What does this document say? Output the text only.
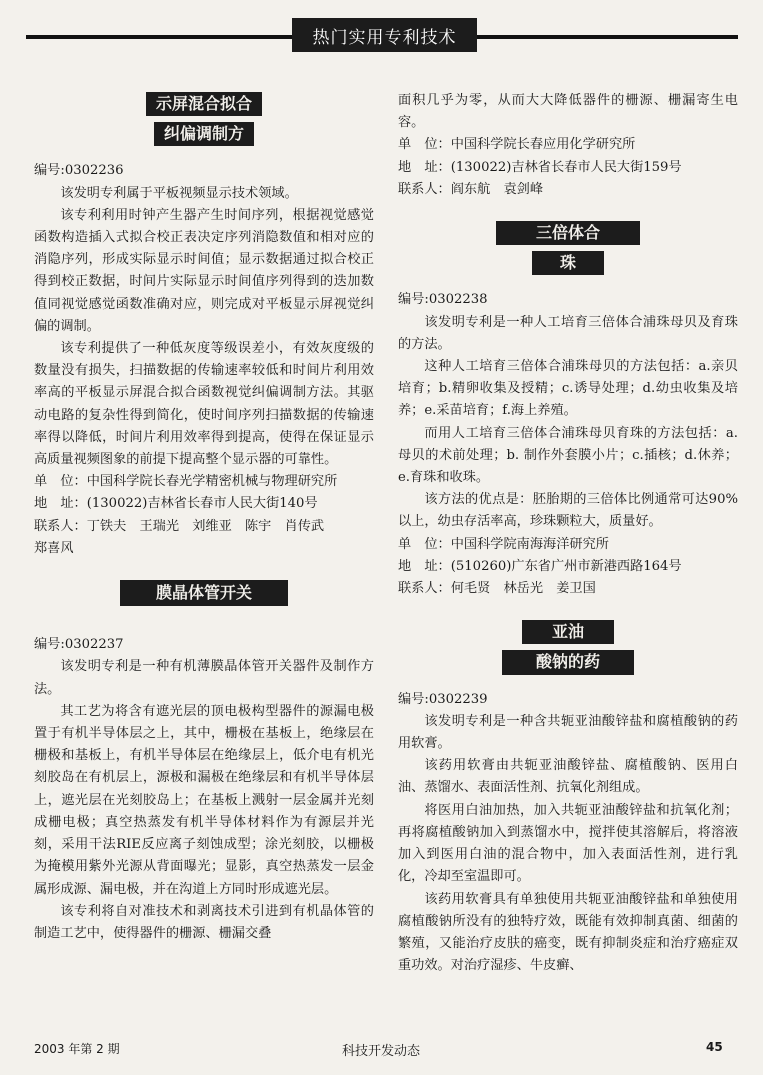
热门实用专利技术
示屏混合拟合
纠偏调制方
编号:0302236

该发明专利属于平板视频显示技术领域。

该专利利用时钟产生器产生时间序列，根据视觉感觉函数构造插入式拟合校正表决定序列消隐数值和相对应的消隐序列，形成实际显示时间值；显示数据通过拟合校正得到校正数据，时间片实际显示时间值序列得到的迭加数值同视觉感觉函数准确对应，则完成对平板显示屏视觉纠偏的调制。

该专利提供了一种低灰度等级误差小，有效灰度级的数量没有损失，扫描数据的传输速率较低和时间片利用效率高的平板显示屏混合拟合函数视觉纠偏调制方法。其驱动电路的复杂性得到简化，使时间序列扫描数据的传输速率得以降低，时间片利用效率得到提高，使得在保证显示高质量视频图象的前提下提高整个显示器的可靠性。

单　位：中国科学院长春光学精密机械与物理研究所
地　址：(130022)吉林省长春市人民大街140号
联系人：丁铁夫　王瑞光　刘维亚　陈宇　肖传武
郑喜风
膜晶体管开关
编号:0302237

该发明专利是一种有机薄膜晶体管开关器件及制作方法。

其工艺为将含有遮光层的顶电极构型器件的源漏电极置于有机半导体层之上，其中，栅极在基板上，绝缘层在栅极和基板上，有机半导体层在绝缘层上，低介电有机光刻胶岛在有机层上，源极和漏极在绝缘层和有机半导体层上，遮光层在光刻胶岛上；在基板上溅射一层金属并光刻成栅电极；真空热蒸发有机半导体材料作为有源层并光刻，采用干法RIE反应离子刻蚀成型；涂光刻胶，以栅极为掩模用紫外光源从背面曝光；显影，真空热蒸发一层金属形成源、漏电极，并在沟道上方同时形成遮光层。

该专利将自对准技术和剥离技术引进到有机晶体管的制造工艺中，使得器件的栅源、栅漏交叠

面积几乎为零，从而大大降低器件的栅源、栅漏寄生电容。

单　位：中国科学院长春应用化学研究所
地　址：(130022)吉林省长春市人民大街159号
联系人：阎东航　袁剑峰
三倍体合
珠
编号:0302238

该发明专利是一种人工培育三倍体合浦珠母贝及育珠的方法。

这种人工培育三倍体合浦珠母贝的方法包括：a.亲贝培育；b.精卵收集及授精；c.诱导处理；d.幼虫收集及培养；e.采苗培育；f.海上养殖。

而用人工培育三倍体合浦珠母贝育珠的方法包括：a.母贝的术前处理；b. 制作外套膜小片；c.插核；d.休养；e.育珠和收珠。

该方法的优点是：胚胎期的三倍体比例通常可达90%以上，幼虫存活率高，珍珠颗粒大，质量好。

单　位：中国科学院南海海洋研究所
地　址：(510260)广东省广州市新港西路164号
联系人：何毛贤　林岳光　姜卫国
亚油
酸钠的药
编号:0302239

该发明专利是一种含共轭亚油酸锌盐和腐植酸钠的药用软膏。

该药用软膏由共轭亚油酸锌盐、腐植酸钠、医用白油、蒸馏水、表面活性剂、抗氧化剂组成。

将医用白油加热，加入共轭亚油酸锌盐和抗氧化剂；再将腐植酸钠加入到蒸馏水中，搅拌使其溶解后，将溶液加入到医用白油的混合物中，加入表面活性剂，进行乳化，冷却至室温即可。

该药用软膏具有单独使用共轭亚油酸锌盐和单独使用腐植酸钠所没有的独特疗效，既能有效抑制真菌、细菌的繁殖，又能治疗皮肤的癌变，既有抑制炎症和治疗癌症双重功效。对治疗湿疹、牛皮癣、

2003 年第 2 期	科技开发动态	45
